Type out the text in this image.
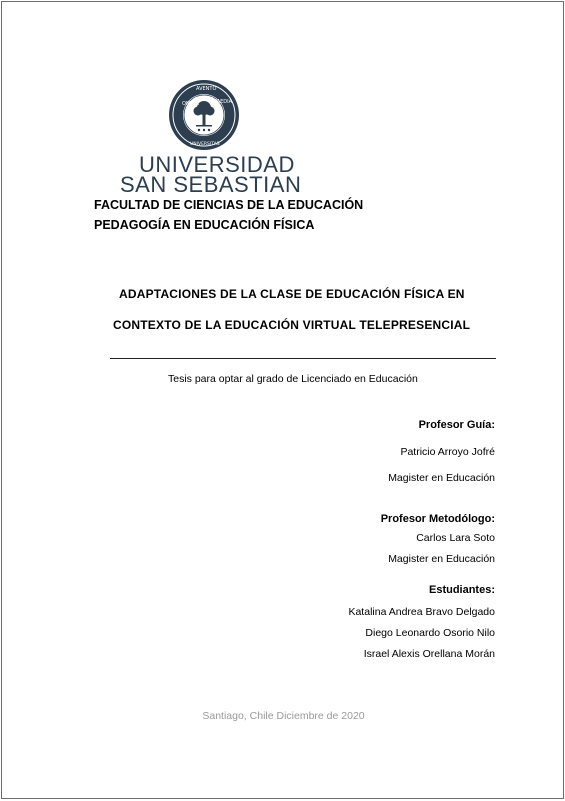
OMNIA
AVENTO
PAEDIA
UNIVERSITAS
UNIVERSIDAD
SAN SEBASTIAN
FACULTAD DE CIENCIAS DE LA EDUCACIÓN
PEDAGOGÍA EN EDUCACIÓN FÍSICA
ADAPTACIONES DE LA CLASE DE EDUCACIÓN FÍSICA EN
CONTEXTO DE LA EDUCACIÓN VIRTUAL TELEPRESENCIAL
Tesis para optar al grado de Licenciado en Educación
Profesor Guía:
Patricio Arroyo Jofré
Magister en Educación
Profesor Metodólogo:
Carlos Lara Soto
Magister en Educación
Estudiantes:
Katalina Andrea Bravo Delgado
Diego Leonardo Osorio Nilo
Israel Alexis Orellana Morán
Santiago, Chile Diciembre de 2020
